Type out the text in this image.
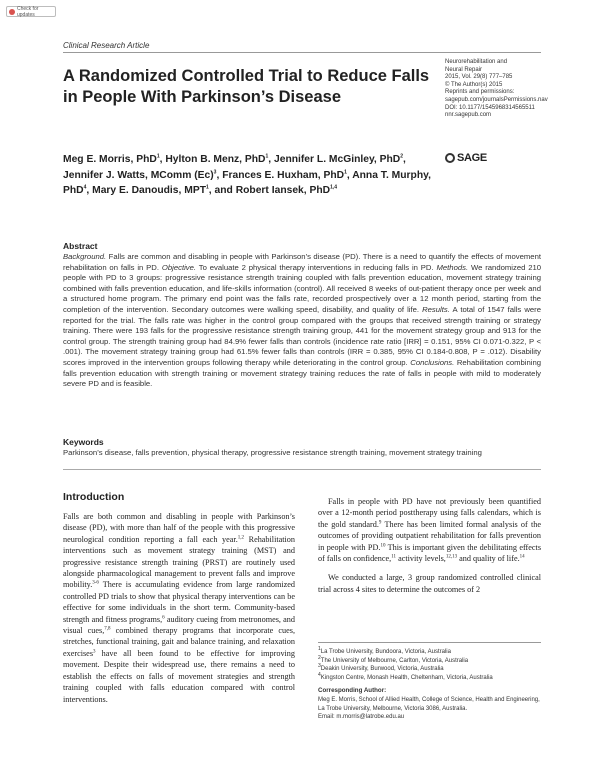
Check for updates
Clinical Research Article
A Randomized Controlled Trial to Reduce Falls in People With Parkinson’s Disease
Neurorehabilitation and
Neural Repair
2015, Vol. 29(8) 777–785
© The Author(s) 2015
Reprints and permissions:
sagepub.com/journalsPermissions.nav
DOI: 10.1177/1545968314565511
nnr.sagepub.com
SAGE
Meg E. Morris, PhD$^1$, Hylton B. Menz, PhD$^1$, Jennifer L. McGinley, PhD$^2$, Jennifer J. Watts, MComm $(Ec)^3$, Frances E. Huxham, PhD$^1$, Anna T. Murphy, PhD$^4$, Mary E. Danoudis, MPT$^1$, and Robert Iansek, PhD$^{1,4}$
Abstract
Background. Falls are common and disabling in people with Parkinson’s disease (PD). There is a need to quantify the effects of movement rehabilitation on falls in PD. Objective. To evaluate 2 physical therapy interventions in reducing falls in PD. Methods. We randomized 210 people with PD to 3 groups: progressive resistance strength training coupled with falls prevention education, movement strategy training combined with falls prevention education, and life-skills information (control). All received 8 weeks of out-patient therapy once per week and a structured home program. The primary end point was the falls rate, recorded prospectively over a 12 month period, starting from the completion of the intervention. Secondary outcomes were walking speed, disability, and quality of life. Results. A total of 1547 falls were reported for the trial. The falls rate was higher in the control group compared with the groups that received strength training or strategy training. There were 193 falls for the progressive resistance strength training group, 441 for the movement strategy group and 913 for the control group. The strength training group had 84.9% fewer falls than controls (incidence rate ratio [IRR] = 0.151, 95% CI 0.071-0.322, P < .001). The movement strategy training group had 61.5% fewer falls than controls (IRR = 0.385, 95% CI 0.184-0.808, P = .012). Disability scores improved in the intervention groups following therapy while deteriorating in the control group. Conclusions. Rehabilitation combining falls prevention education with strength training or movement strategy training reduces the rate of falls in people with mild to moderately severe PD and is feasible.
Keywords
Parkinson’s disease, falls prevention, physical therapy, progressive resistance strength training, movement strategy training
Introduction

Falls are both common and disabling in people with Parkinson’s disease (PD), with more than half of the people with this progressive neurological condition reporting a fall each year.$^{1,2}$ Rehabilitation interventions such as movement strategy training (MST) and progressive resistance strength training (PRST) are routinely used alongside pharmacological management to prevent falls and improve mobility.$^{3-6}$ There is accumulating evidence from large randomized controlled PD trials to show that physical therapy interventions can be effective for some individuals in the short term. Community-based strength and fitness programs,$^6$ auditory cueing from metronomes, and visual cues,$^{7,8}$ combined therapy programs that incorporate cues, stretches, functional training, gait and balance training, and relaxation exercises$^3$ have all been found to be effective for improving movement. Despite their widespread use, there remains a need to establish the effects on falls of movement strategies and strength training coupled with falls education compared with control interventions.

Falls in people with PD have not previously been quantified over a 12-month period posttherapy using falls calendars, which is the gold standard.$^9$ There has been limited formal analysis of the outcomes of providing outpatient rehabilitation for falls prevention in people with PD.$^{10}$ This is important given the debilitating effects of falls on confidence,$^{11}$ activity levels,$^{12,13}$ and quality of life.$^{14}$

We conducted a large, 3 group randomized controlled clinical trial across 4 sites to determine the outcomes of 2

$^1$La Trobe University, Bundoora, Victoria, Australia
$^2$The University of Melbourne, Carlton, Victoria, Australia
$^3$Deakin University, Burwood, Victoria, Australia
$^4$Kingston Centre, Monash Health, Cheltenham, Victoria, Australia
Corresponding Author:
Meg E. Morris, School of Allied Health, College of Science, Health and Engineering, La Trobe University, Melbourne, Victoria 3086, Australia.
Email: m.morris@latrobe.edu.au
